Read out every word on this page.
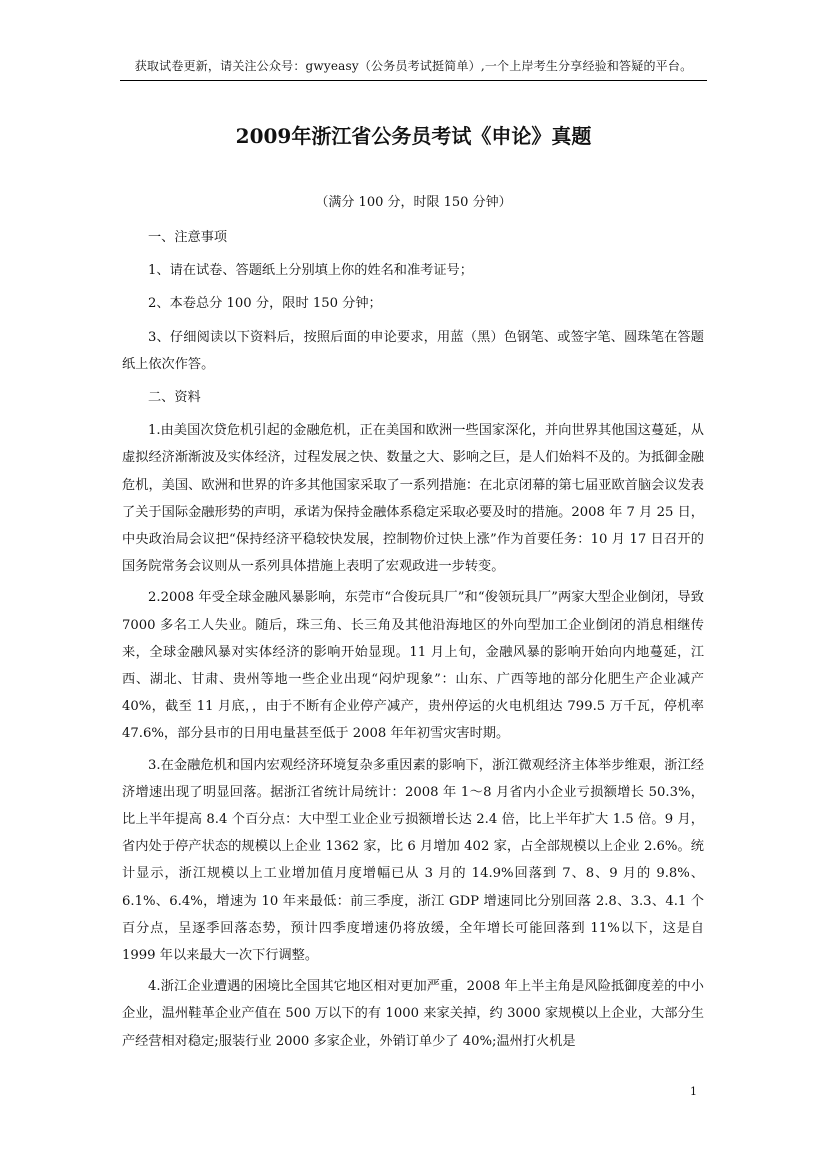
获取试卷更新，请关注公众号：gwyeasy（公务员考试挺简单）,一个上岸考生分享经验和答疑的平台。
2009年浙江省公务员考试《申论》真题
（满分 100 分，时限 150 分钟）

一、注意事项

1、请在试卷、答题纸上分别填上你的姓名和准考证号；

2、本卷总分 100 分，限时 150 分钟；

3、仔细阅读以下资料后，按照后面的申论要求，用蓝（黑）色钢笔、或签字笔、圆珠笔在答题纸上依次作答。

二、资料

1.由美国次贷危机引起的金融危机，正在美国和欧洲一些国家深化，并向世界其他国这蔓延，从虚拟经济渐渐波及实体经济，过程发展之快、数量之大、影响之巨，是人们始料不及的。为抵御金融危机，美国、欧洲和世界的许多其他国家采取了一系列措施：在北京闭幕的第七届亚欧首脑会议发表了关于国际金融形势的声明，承诺为保持金融体系稳定采取必要及时的措施。2008 年 7 月 25 日，中央政治局会议把“保持经济平稳较快发展，控制物价过快上涨”作为首要任务：10 月 17 日召开的国务院常务会议则从一系列具体措施上表明了宏观政进一步转变。

2.2008 年受全球金融风暴影响，东莞市“合俊玩具厂”和“俊领玩具厂”两家大型企业倒闭，导致 7000 多名工人失业。随后，珠三角、长三角及其他沿海地区的外向型加工企业倒闭的消息相继传来，全球金融风暴对实体经济的影响开始显现。11 月上旬，金融风暴的影响开始向内地蔓延，江西、湖北、甘肃、贵州等地一些企业出现“闷炉现象”：山东、广西等地的部分化肥生产企业减产 40%，截至 11 月底，，由于不断有企业停产减产，贵州停运的火电机组达 799.5 万千瓦，停机率 47.6%，部分县市的日用电量甚至低于 2008 年年初雪灾害时期。

3.在金融危机和国内宏观经济环境复杂多重因素的影响下，浙江微观经济主体举步维艰，浙江经济增速出现了明显回落。据浙江省统计局统计：2008 年 1～8 月省内小企业亏损额增长 50.3%，比上半年提高 8.4 个百分点：大中型工业企业亏损额增长达 2.4 倍，比上半年扩大 1.5 倍。9 月，省内处于停产状态的规模以上企业 1362 家，比 6 月增加 402 家，占全部规模以上企业 2.6%。统计显示，浙江规模以上工业增加值月度增幅已从 3 月的 14.9%回落到 7、8、9 月的 9.8%、6.1%、6.4%，增速为 10 年来最低：前三季度，浙江 GDP 增速同比分别回落 2.8、3.3、4.1 个百分点，呈逐季回落态势，预计四季度增速仍将放缓，全年增长可能回落到 11%以下，这是自 1999 年以来最大一次下行调整。

4.浙江企业遭遇的困境比全国其它地区相对更加严重，2008 年上半主角是风险抵御度差的中小企业，温州鞋革企业产值在 500 万以下的有 1000 来家关掉，约 3000 家规模以上企业，大部分生产经营相对稳定;服装行业 2000 多家企业，外销订单少了 40%;温州打火机是

1
